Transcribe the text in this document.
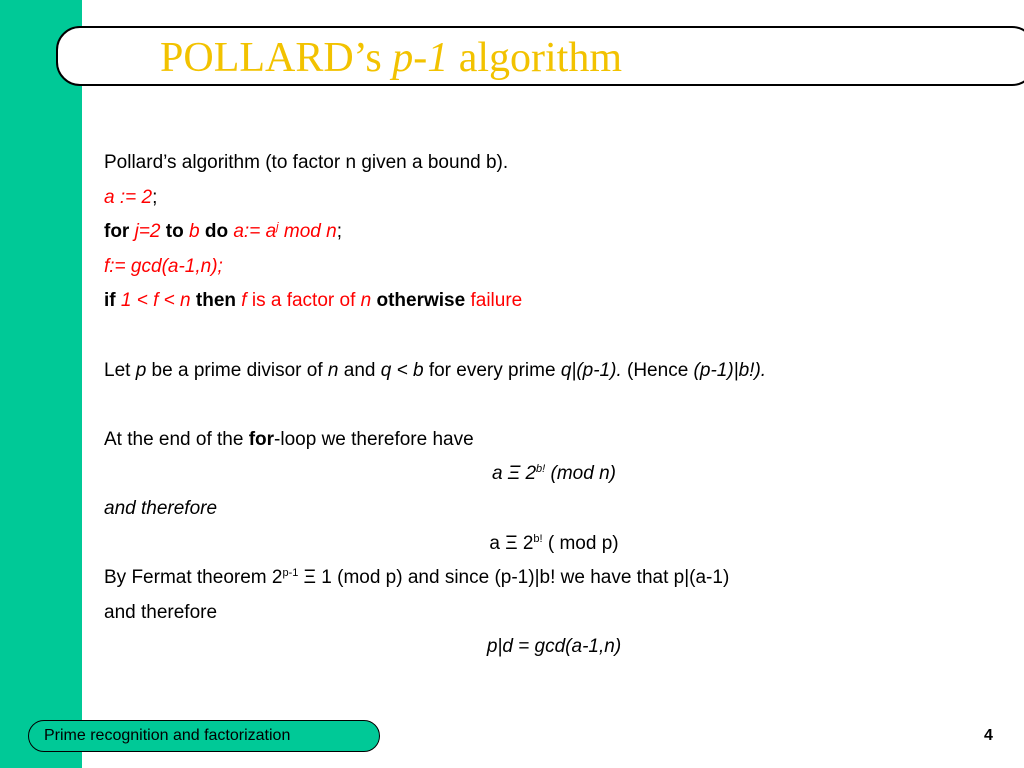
POLLARD’s p-1 algorithm
Pollard’s algorithm (to factor n given a bound b).
a := 2;
for j=2 to b do a:= $a^j$ mod n;
f:= gcd(a-1,n);
if 1 < f < n then f is a factor of n otherwise failure
Let p be a prime divisor of n and q < b for every prime q|(p-1). (Hence (p-1)|b!).
At the end of the for-loop we therefore have
a Ξ $2^{b!}$ (mod n)
and therefore
a Ξ $2^{b!}$ ( mod p)
By Fermat theorem 2$^{p-1}$ Ξ 1 (mod p) and since (p-1)|b! we have that p|(a-1)
and therefore
p|d = gcd(a-1,n)
Prime recognition and factorization	4
